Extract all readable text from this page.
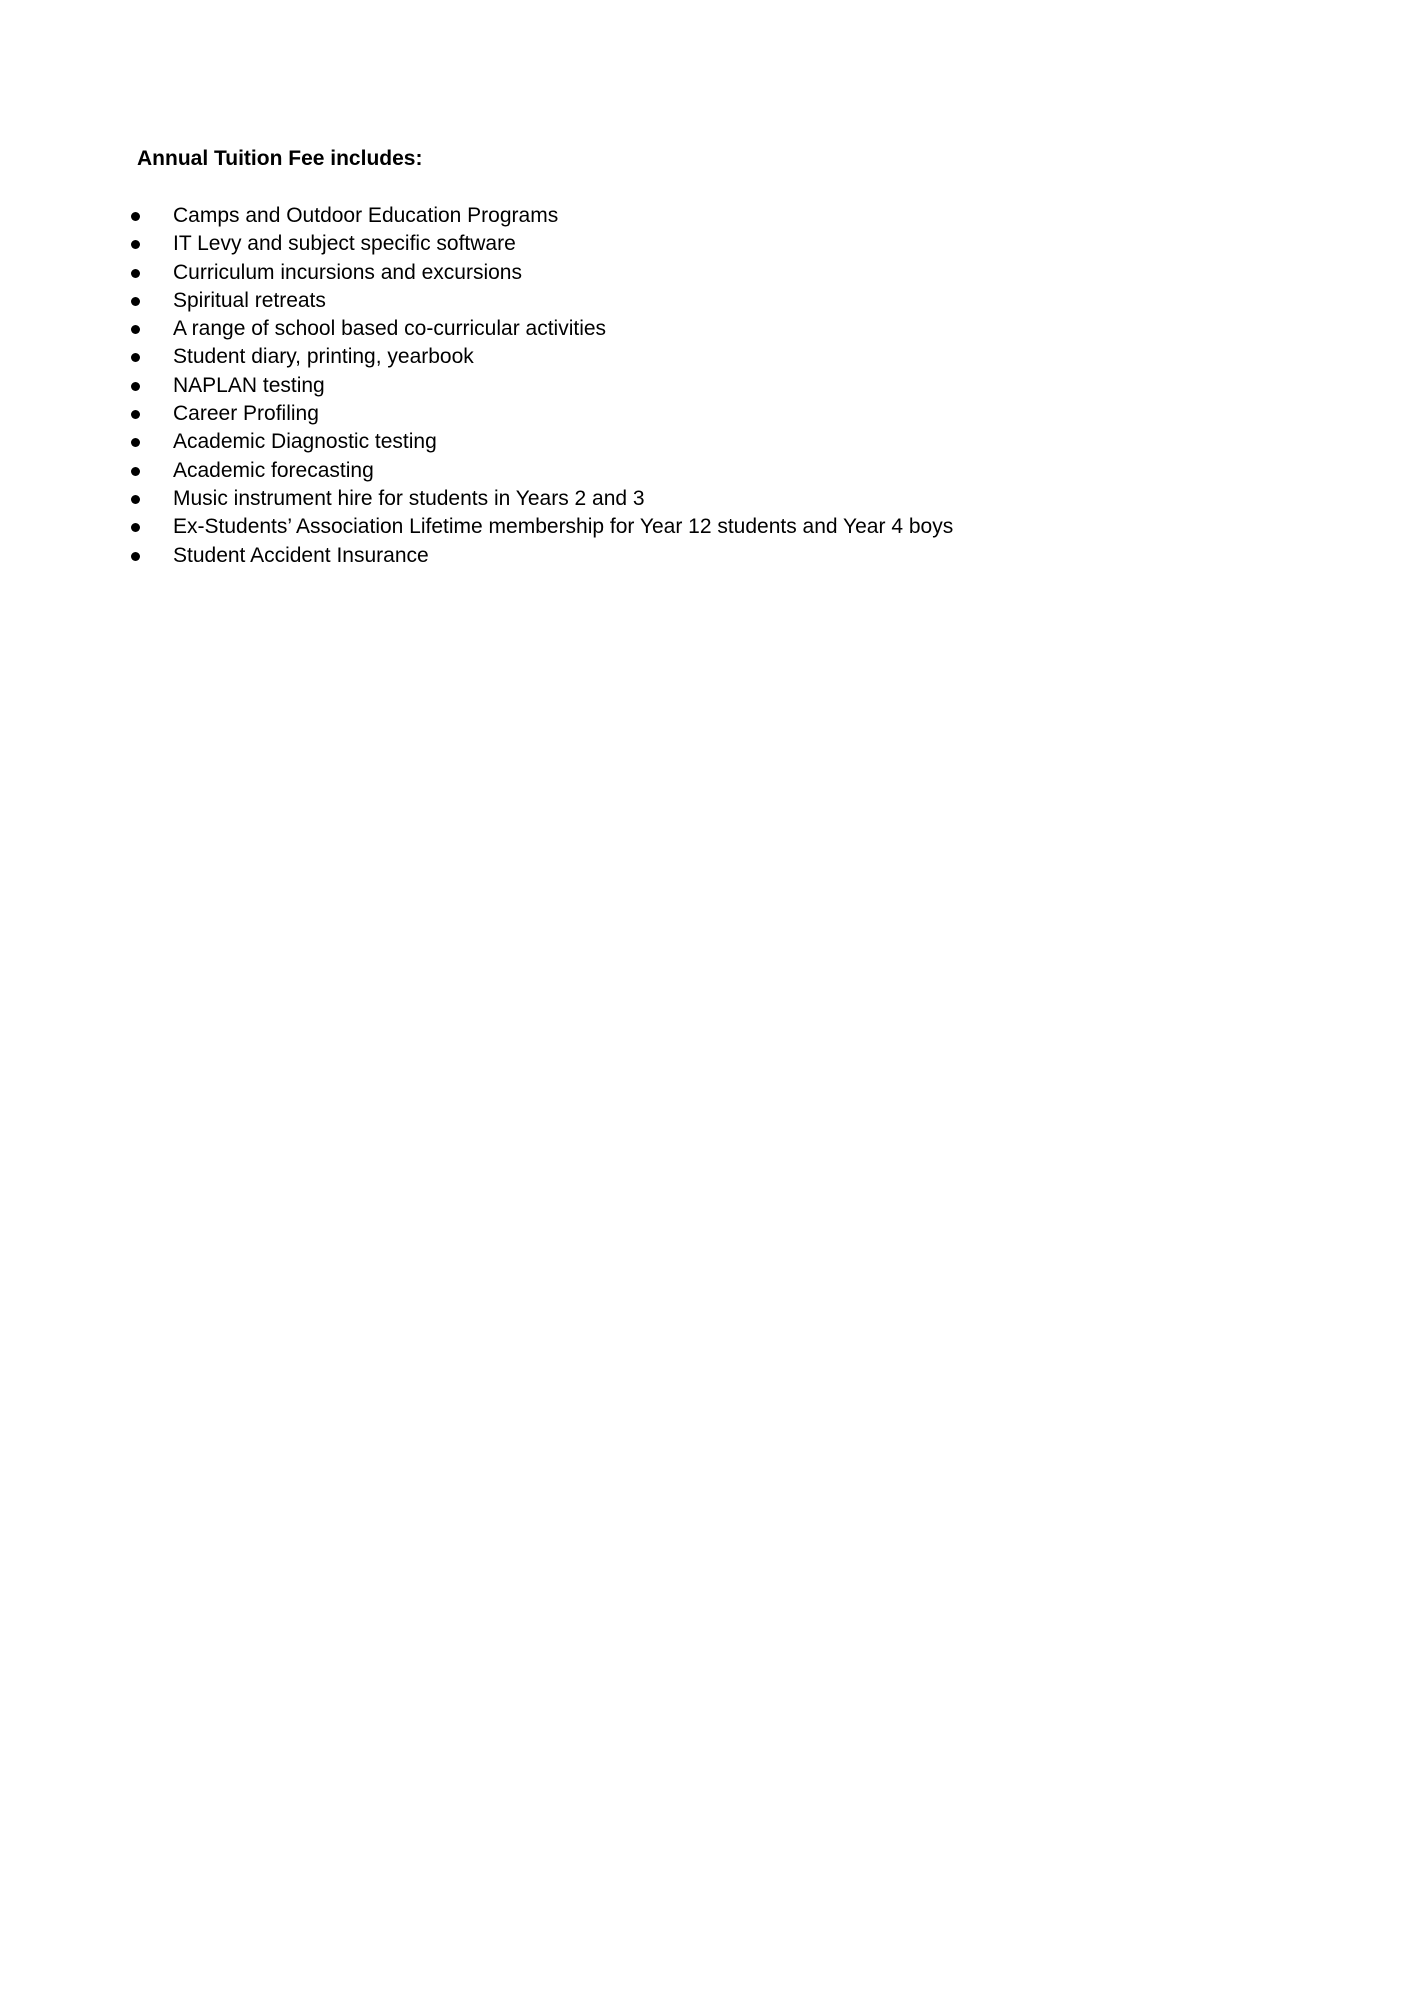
Annual Tuition Fee includes:
Camps and Outdoor Education Programs
IT Levy and subject specific software
Curriculum incursions and excursions
Spiritual retreats
A range of school based co-curricular activities
Student diary, printing, yearbook
NAPLAN testing
Career Profiling
Academic Diagnostic testing
Academic forecasting
Music instrument hire for students in Years 2 and 3
Ex-Students’ Association Lifetime membership for Year 12 students and Year 4 boys
Student Accident Insurance
